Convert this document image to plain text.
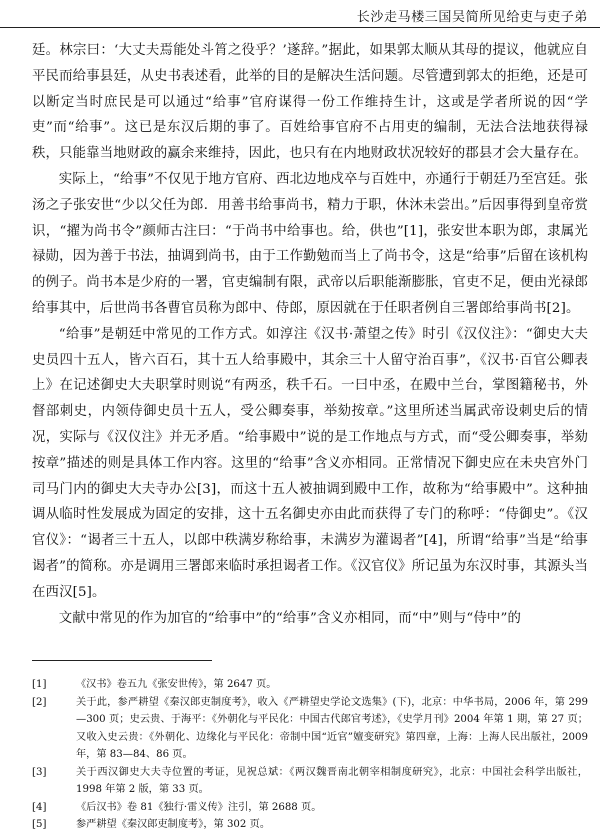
长沙走马楼三国吴简所见给吏与吏子弟

廷。林宗曰：‘大丈夫焉能处斗筲之役乎？’遂辞。”据此，如果郭太顺从其母的提议，他就应自平民而给事县廷，从史书表述看，此举的目的是解决生活问题。尽管遭到郭太的拒绝，还是可以断定当时庶民是可以通过“给事”官府谋得一份工作维持生计，这或是学者所说的因“学吏”而“给事”。这已是东汉后期的事了。百姓给事官府不占用吏的编制，无法合法地获得禄秩，只能靠当地财政的赢余来维持，因此，也只有在内地财政状况较好的郡县才会大量存在。

实际上，“给事”不仅见于地方官府、西北边地戍卒与百姓中，亦通行于朝廷乃至宫廷。张汤之子张安世“少以父任为郎．用善书给事尚书，精力于职，休沐未尝出。”后因事得到皇帝赏识，“擢为尚书令”颜师古注曰：“于尚书中给事也。给，供也”[1]，张安世本职为郎，隶属光禄勋，因为善于书法，抽调到尚书，由于工作勤勉而当上了尚书令，这是“给事”后留在该机构的例子。尚书本是少府的一署，官吏编制有限，武帝以后职能渐膨胀，官吏不足，便由光禄郎给事其中，后世尚书各曹官员称为郎中、侍郎，原因就在于任职者例自三署郎给事尚书[2]。

“给事”是朝廷中常见的工作方式。如淳注《汉书·萧望之传》时引《汉仪注》：“御史大夫史员四十五人，皆六百石，其十五人给事殿中，其余三十人留守治百事”，《汉书·百官公卿表上》在记述御史大夫职掌时则说“有两丞，秩千石。一曰中丞，在殿中兰台，掌图籍秘书，外督部刺史，内领侍御史员十五人，受公卿奏事，举劾按章。”这里所述当属武帝设刺史后的情况，实际与《汉仪注》并无矛盾。“给事殿中”说的是工作地点与方式，而“受公卿奏事，举劾按章”描述的则是具体工作内容。这里的“给事”含义亦相同。正常情况下御史应在未央宫外门司马门内的御史大夫寺办公[3]，而这十五人被抽调到殿中工作，故称为“给事殿中”。这种抽调从临时性发展成为固定的安排，这十五名御史亦由此而获得了专门的称呼：“侍御史”。《汉官仪》：“谒者三十五人，以郎中秩满岁称给事，未满岁为灌谒者”[4]，所谓“给事”当是“给事谒者”的简称。亦是调用三署郎来临时承担谒者工作。《汉官仪》所记虽为东汉时事，其源头当在西汉[5]。

文献中常见的作为加官的“给事中”的“给事”含义亦相同，而“中”则与“侍中”的

[1]	《汉书》卷五九《张安世传》，第 2647 页。
[2]	关于此，参严耕望《秦汉郎吏制度考》，收入《严耕望史学论文选集》(下)，北京：中华书局，2006 年，第 299—300 页；史云贵、于海平：《外朝化与平民化：中国古代郎官考述》，《史学月刊》2004 年第 1 期，第 27 页；又收入史云贵：《外朝化、边缘化与平民化：帝制中国“近官”嬗变研究》第四章，上海：上海人民出版社，2009 年，第 83—84、86 页。
[3]	关于西汉御史大夫寺位置的考证，见祝总斌：《两汉魏晋南北朝宰相制度研究》，北京：中国社会科学出版社，1998 年第 2 版，第 33 页。
[4]	《后汉书》卷 81《独行·雷义传》注引，第 2688 页。
[5]	参严耕望《秦汉郎吏制度考》，第 302 页。
